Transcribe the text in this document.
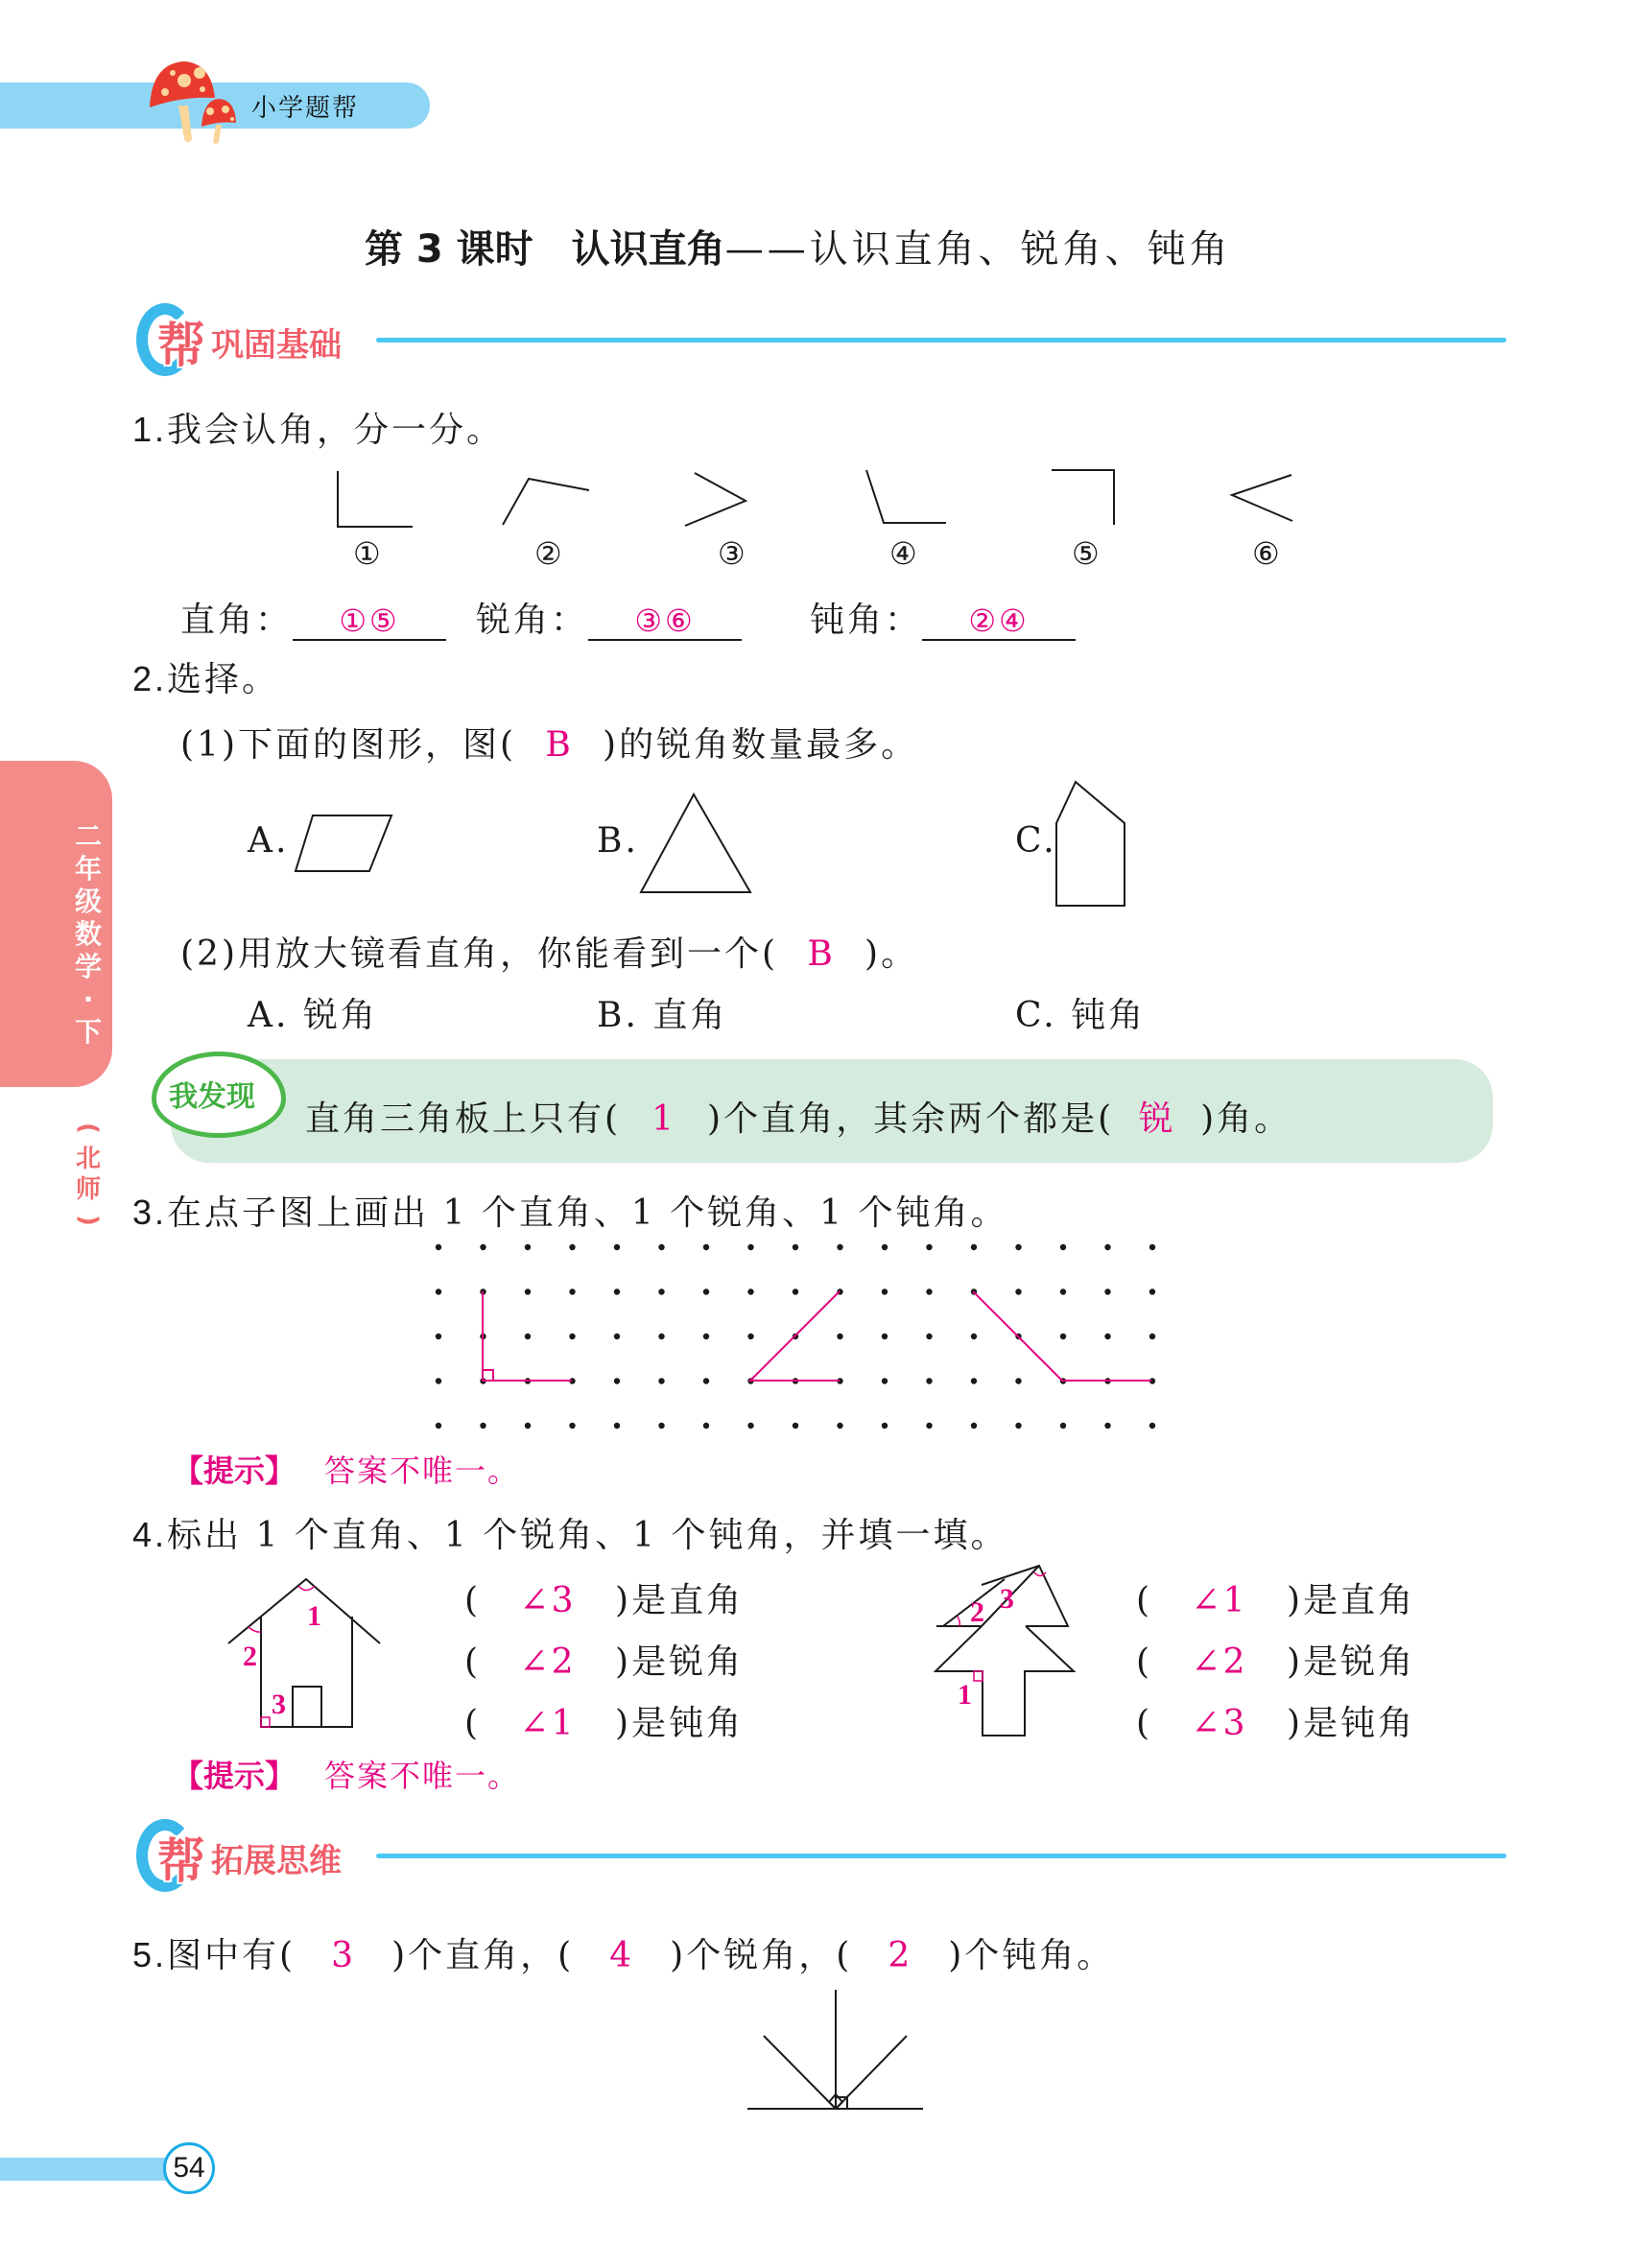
小学题帮
第 3 课时　认识直角——认识直角、锐角、钝角
帮 巩固基础
二
年
级
数
学
·
下
(
北
师
)
1.我会认角，分一分。
①	②	③	④	⑤	⑥
直角： ①⑤	锐角： ③⑥	钝角： ②④
2.选择。
(1)下面的图形，图( B )的锐角数量最多。
A.	B.	C.
(2)用放大镜看直角，你能看到一个( B )。
A. 锐角	B. 直角	C. 钝角
我发现
直角三角板上只有( 1 )个直角，其余两个都是( 锐 )角。
3.在点子图上画出 1 个直角、1 个锐角、1 个钝角。
【提示】 答案不唯一。
4.标出 1 个直角、1 个锐角、1 个钝角，并填一填。
1
2
3
( ∠3 )是直角
( ∠2 )是锐角
( ∠1 )是钝角
2 3
1
( ∠1 )是直角
( ∠2 )是锐角
( ∠3 )是钝角
【提示】 答案不唯一。
帮 拓展思维
5.图中有( 3 )个直角，( 4 )个锐角，( 2 )个钝角。
54
